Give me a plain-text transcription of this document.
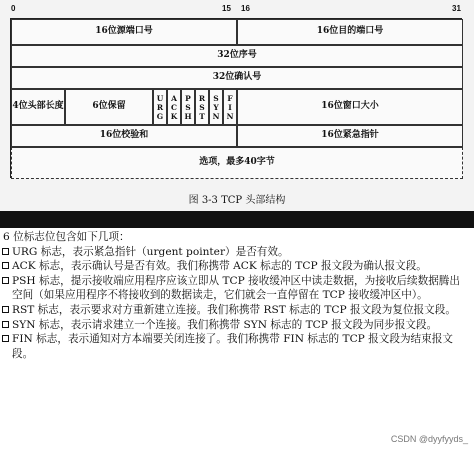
0	15 16	31
16位源端口号	16位目的端口号
32位序号
32位确认号
4位头部长度	6位保留	URG ACK PSH RST SYN FIN	16位窗口大小
16位校验和	16位紧急指针
选项，最多40字节
图 3-3 TCP 头部结构
6 位标志位包含如下几项：
URG 标志，表示紧急指针（urgent pointer）是否有效。
ACK 标志，表示确认号是否有效。我们称携带 ACK 标志的 TCP 报文段为确认报文段。
PSH 标志，提示接收端应用程序应该立即从 TCP 接收缓冲区中读走数据，为接收后续数据腾出空间（如果应用程序不将接收到的数据读走，它们就会一直停留在 TCP 接收缓冲区中）。
RST 标志，表示要求对方重新建立连接。我们称携带 RST 标志的 TCP 报文段为复位报文段。
SYN 标志，表示请求建立一个连接。我们称携带 SYN 标志的 TCP 报文段为同步报文段。
FIN 标志，表示通知对方本端要关闭连接了。我们称携带 FIN 标志的 TCP 报文段为结束报文段。
CSDN @dyyfyyds_
